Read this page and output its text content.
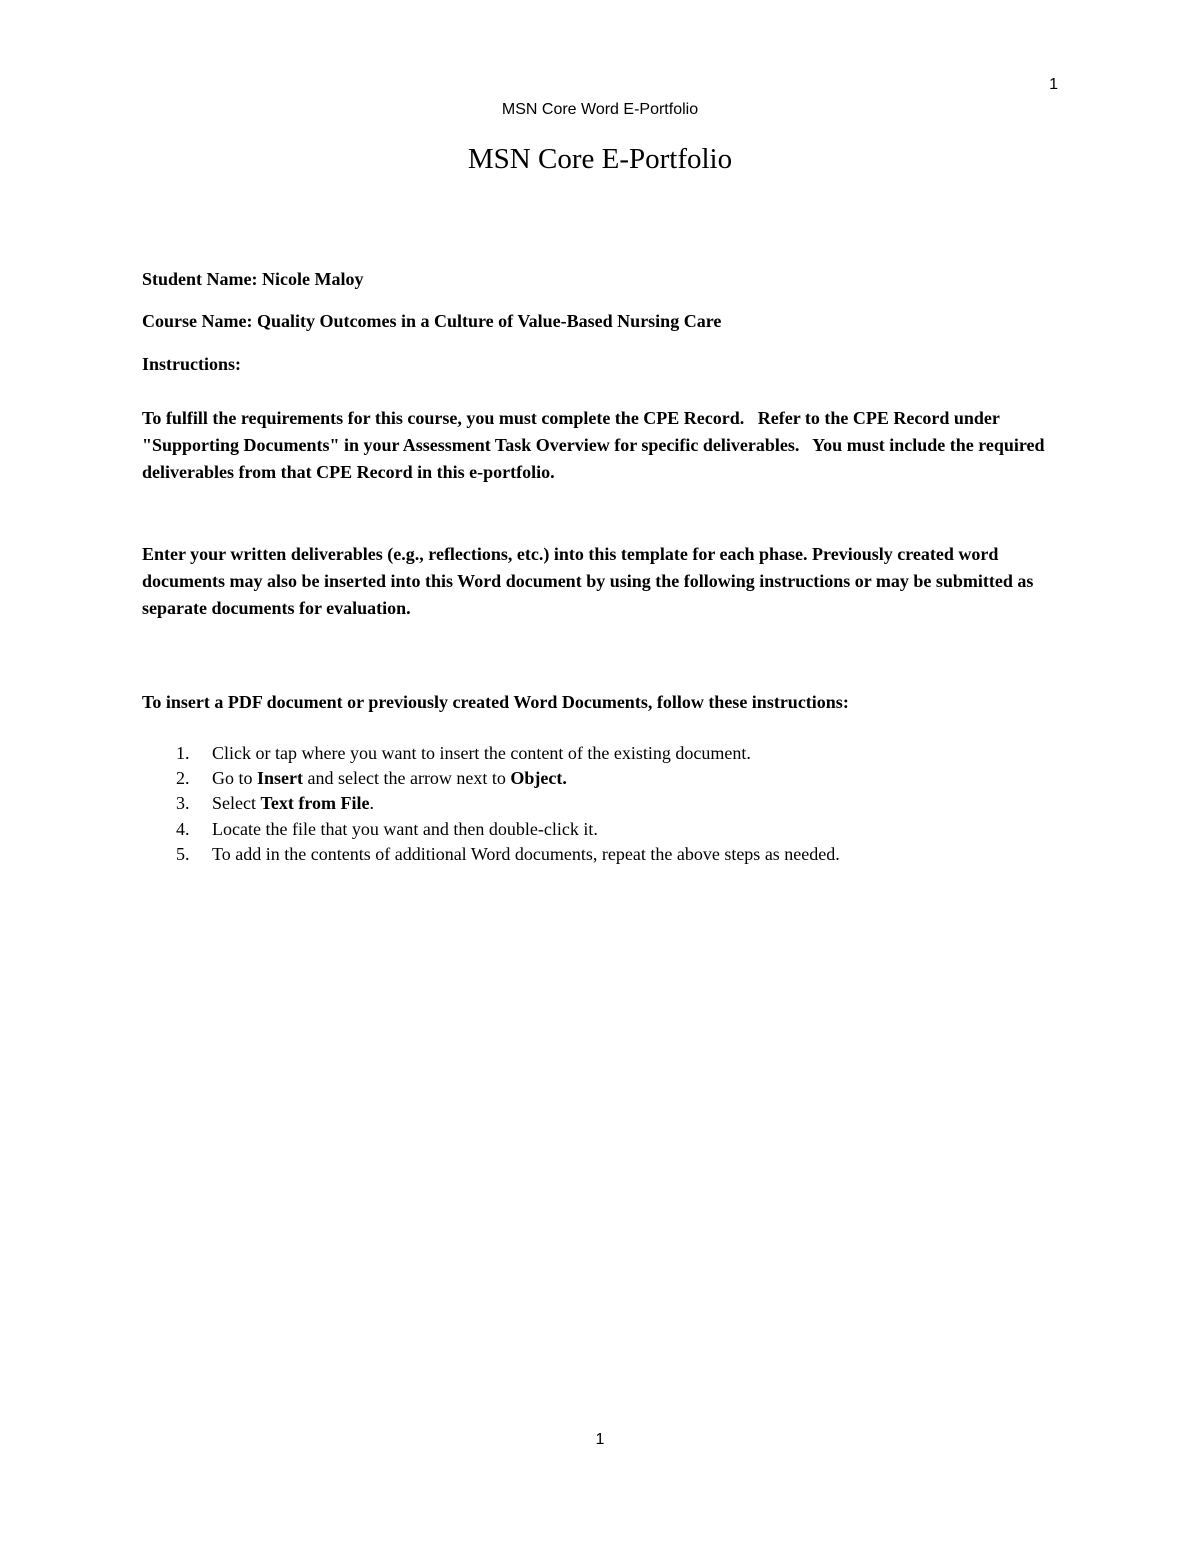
1
MSN Core Word E-Portfolio
MSN Core E-Portfolio
Student Name: Nicole Maloy
Course Name: Quality Outcomes in a Culture of Value-Based Nursing Care
Instructions:
To fulfill the requirements for this course, you must complete the CPE Record.   Refer to the CPE Record under "Supporting Documents" in your Assessment Task Overview for specific deliverables.   You must include the required deliverables from that CPE Record in this e-portfolio.
Enter your written deliverables (e.g., reflections, etc.) into this template for each phase. Previously created word documents may also be inserted into this Word document by using the following instructions or may be submitted as separate documents for evaluation.
To insert a PDF document or previously created Word Documents, follow these instructions:
1.	Click or tap where you want to insert the content of the existing document.
2.	Go to Insert and select the arrow next to Object.
3.	Select Text from File.
4.	Locate the file that you want and then double-click it.
5.	To add in the contents of additional Word documents, repeat the above steps as needed.
1
